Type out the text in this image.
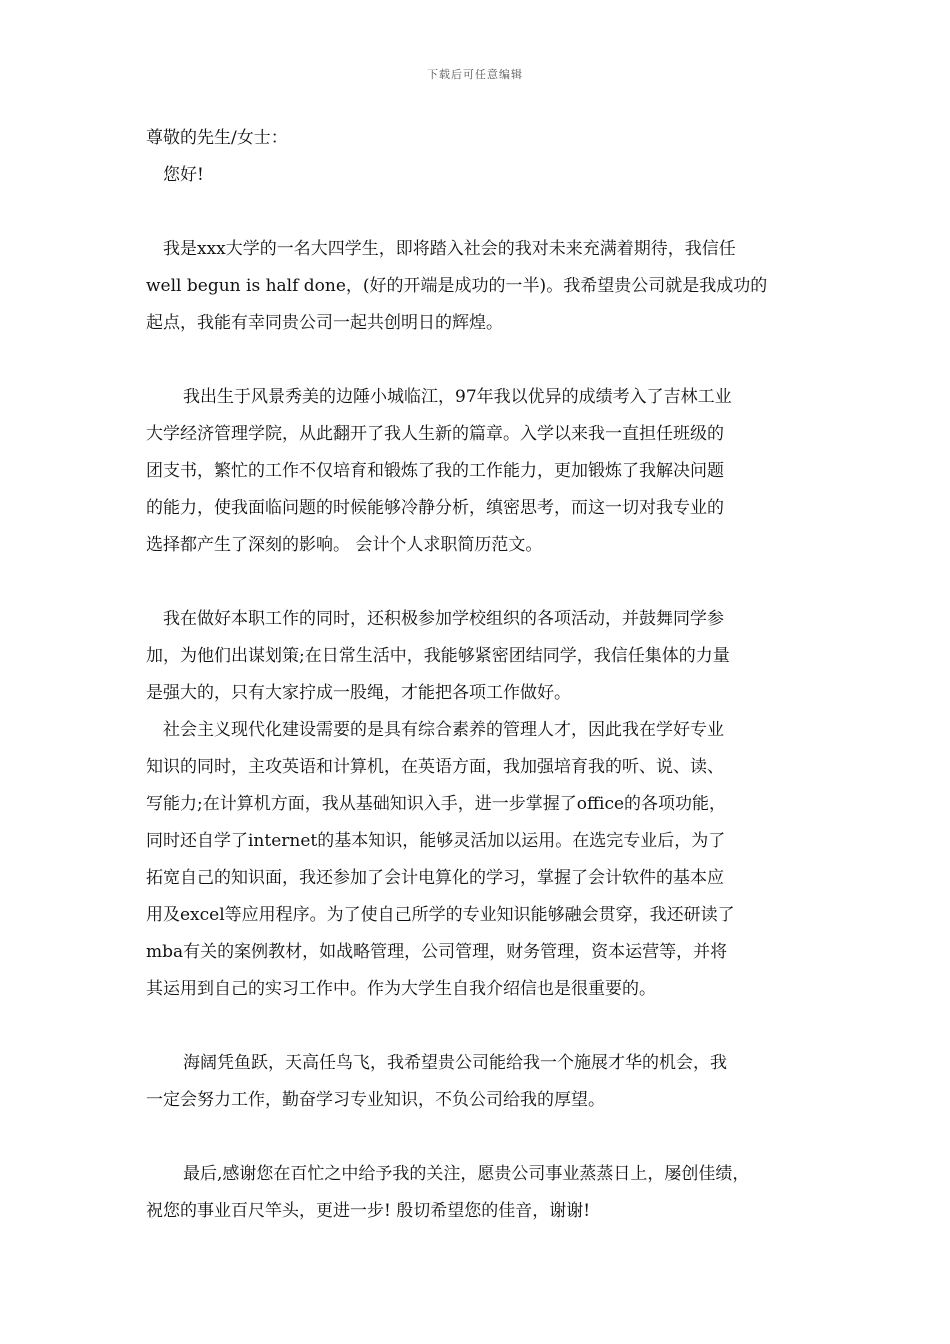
下载后可任意编辑
尊敬的先生/女士：
您好!
我是xxx大学的一名大四学生，即将踏入社会的我对未来充满着期待，我信任
well begun is half done，(好的开端是成功的一半)。我希望贵公司就是我成功的
起点，我能有幸同贵公司一起共创明日的辉煌。
我出生于风景秀美的边陲小城临江，97年我以优异的成绩考入了吉林工业
大学经济管理学院，从此翻开了我人生新的篇章。入学以来我一直担任班级的
团支书，繁忙的工作不仅培育和锻炼了我的工作能力，更加锻炼了我解决问题
的能力，使我面临问题的时候能够冷静分析，缜密思考，而这一切对我专业的
选择都产生了深刻的影响。 会计个人求职简历范文。
我在做好本职工作的同时，还积极参加学校组织的各项活动，并鼓舞同学参
加，为他们出谋划策;在日常生活中，我能够紧密团结同学，我信任集体的力量
是强大的，只有大家拧成一股绳，才能把各项工作做好。
社会主义现代化建设需要的是具有综合素养的管理人才，因此我在学好专业
知识的同时，主攻英语和计算机，在英语方面，我加强培育我的听、说、读、
写能力;在计算机方面，我从基础知识入手，进一步掌握了office的各项功能，
同时还自学了internet的基本知识，能够灵活加以运用。在选完专业后，为了
拓宽自己的知识面，我还参加了会计电算化的学习，掌握了会计软件的基本应
用及excel等应用程序。为了使自己所学的专业知识能够融会贯穿，我还研读了
mba有关的案例教材，如战略管理，公司管理，财务管理，资本运营等，并将
其运用到自己的实习工作中。作为大学生自我介绍信也是很重要的。
海阔凭鱼跃，天高任鸟飞，我希望贵公司能给我一个施展才华的机会，我
一定会努力工作，勤奋学习专业知识，不负公司给我的厚望。
最后,感谢您在百忙之中给予我的关注，愿贵公司事业蒸蒸日上，屡创佳绩，
祝您的事业百尺竿头，更进一步! 殷切希望您的佳音，谢谢!
